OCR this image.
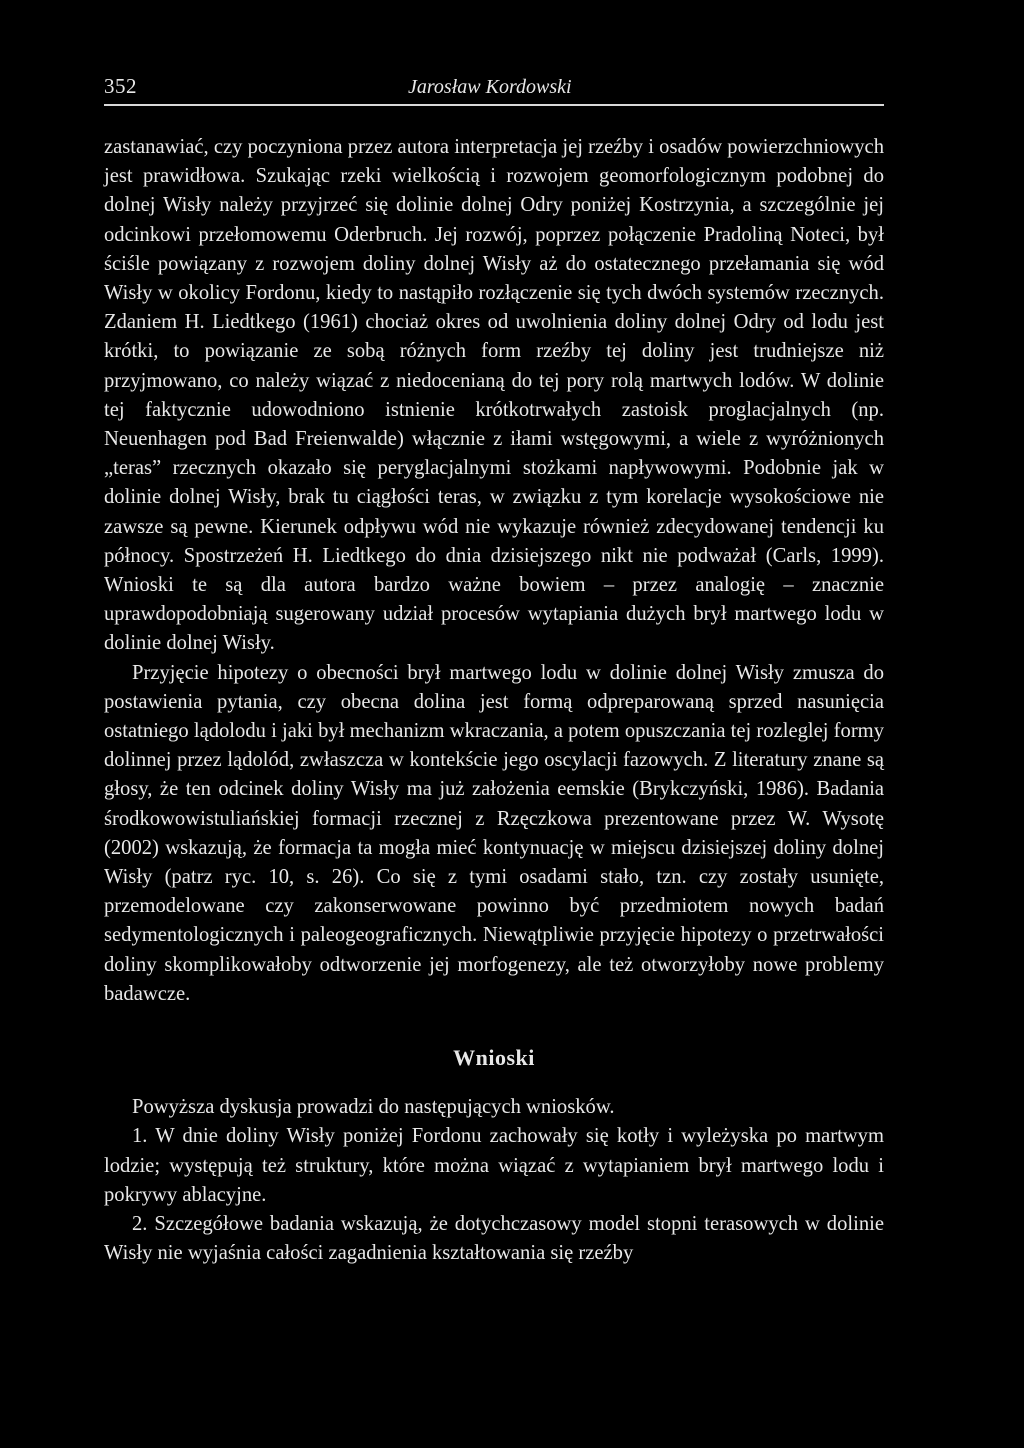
352	Jarosław Kordowski

zastanawiać, czy poczyniona przez autora interpretacja jej rzeźby i osadów powierzchniowych jest prawidłowa. Szukając rzeki wielkością i rozwojem geomorfologicznym podobnej do dolnej Wisły należy przyjrzeć się dolinie dolnej Odry poniżej Kostrzynia, a szczególnie jej odcinkowi przełomowemu Oderbruch. Jej rozwój, poprzez połączenie Pradoliną Noteci, był ściśle powiązany z rozwojem doliny dolnej Wisły aż do ostatecznego przełamania się wód Wisły w okolicy Fordonu, kiedy to nastąpiło rozłączenie się tych dwóch systemów rzecznych. Zdaniem H. Liedtkego (1961) chociaż okres od uwolnienia doliny dolnej Odry od lodu jest krótki, to powiązanie ze sobą różnych form rzeźby tej doliny jest trudniejsze niż przyjmowano, co należy wiązać z niedocenianą do tej pory rolą martwych lodów. W dolinie tej faktycznie udowodniono istnienie krótkotrwałych zastoisk proglacjalnych (np. Neuenhagen pod Bad Freienwalde) włącznie z iłami wstęgowymi, a wiele z wyróżnionych „teras” rzecznych okazało się peryglacjalnymi stożkami napływowymi. Podobnie jak w dolinie dolnej Wisły, brak tu ciągłości teras, w związku z tym korelacje wysokościowe nie zawsze są pewne. Kierunek odpływu wód nie wykazuje również zdecydowanej tendencji ku północy. Spostrzeżeń H. Liedtkego do dnia dzisiejszego nikt nie podważał (Carls, 1999). Wnioski te są dla autora bardzo ważne bowiem – przez analogię – znacznie uprawdopodobniają sugerowany udział procesów wytapiania dużych brył martwego lodu w dolinie dolnej Wisły.

Przyjęcie hipotezy o obecności brył martwego lodu w dolinie dolnej Wisły zmusza do postawienia pytania, czy obecna dolina jest formą odpreparowaną sprzed nasunięcia ostatniego lądolodu i jaki był mechanizm wkraczania, a potem opuszczania tej rozleglej formy dolinnej przez lądolód, zwłaszcza w kontekście jego oscylacji fazowych. Z literatury znane są głosy, że ten odcinek doliny Wisły ma już założenia eemskie (Brykczyński, 1986). Badania środkowowistuliańskiej formacji rzecznej z Rzęczkowa prezentowane przez W. Wysotę (2002) wskazują, że formacja ta mogła mieć kontynuację w miejscu dzisiejszej doliny dolnej Wisły (patrz ryc. 10, s. 26). Co się z tymi osadami stało, tzn. czy zostały usunięte, przemodelowane czy zakonserwowane powinno być przedmiotem nowych badań sedymentologicznych i paleogeograficznych. Niewątpliwie przyjęcie hipotezy o przetrwałości doliny skomplikowałoby odtworzenie jej morfogenezy, ale też otworzyłoby nowe problemy badawcze.

Wnioski

Powyższa dyskusja prowadzi do następujących wniosków.

1. W dnie doliny Wisły poniżej Fordonu zachowały się kotły i wyleżyska po martwym lodzie; występują też struktury, które można wiązać z wytapianiem brył martwego lodu i pokrywy ablacyjne.

2. Szczegółowe badania wskazują, że dotychczasowy model stopni terasowych w dolinie Wisły nie wyjaśnia całości zagadnienia kształtowania się rzeźby
